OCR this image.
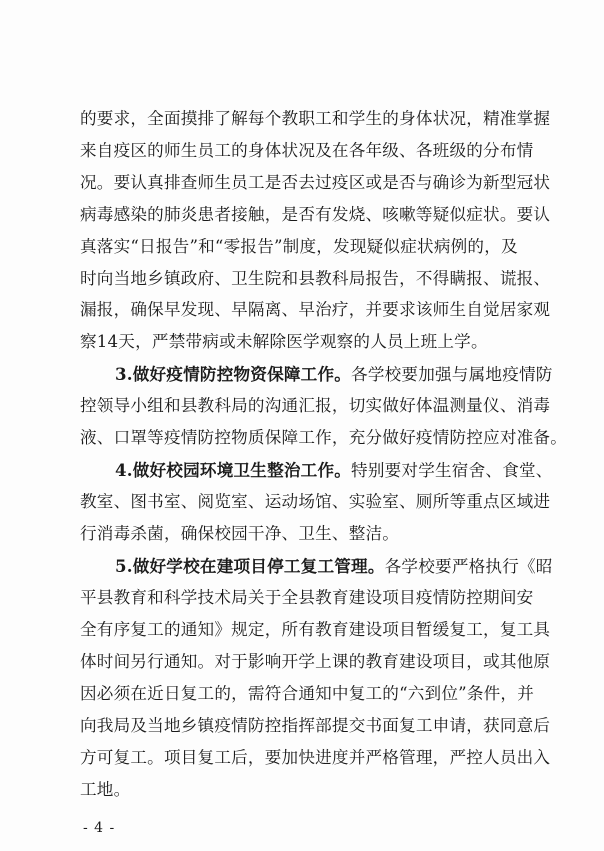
的要求，全面摸排了解每个教职工和学生的身体状况，精准掌握
来自疫区的师生员工的身体状况及在各年级、各班级的分布情
况。要认真排查师生员工是否去过疫区或是否与确诊为新型冠状
病毒感染的肺炎患者接触，是否有发烧、咳嗽等疑似症状。要认
真落实“日报告”和“零报告”制度，发现疑似症状病例的，及
时向当地乡镇政府、卫生院和县教科局报告，不得瞒报、谎报、
漏报，确保早发现、早隔离、早治疗，并要求该师生自觉居家观
察14天，严禁带病或未解除医学观察的人员上班上学。
3.做好疫情防控物资保障工作。各学校要加强与属地疫情防
控领导小组和县教科局的沟通汇报，切实做好体温测量仪、消毒
液、口罩等疫情防控物质保障工作，充分做好疫情防控应对准备。
4.做好校园环境卫生整治工作。特别要对学生宿舍、食堂、
教室、图书室、阅览室、运动场馆、实验室、厕所等重点区域进
行消毒杀菌，确保校园干净、卫生、整洁。
5.做好学校在建项目停工复工管理。各学校要严格执行《昭
平县教育和科学技术局关于全县教育建设项目疫情防控期间安
全有序复工的通知》规定，所有教育建设项目暂缓复工，复工具
体时间另行通知。对于影响开学上课的教育建设项目，或其他原
因必须在近日复工的，需符合通知中复工的“六到位”条件，并
向我局及当地乡镇疫情防控指挥部提交书面复工申请，获同意后
方可复工。项目复工后，要加快进度并严格管理，严控人员出入
工地。
- 4 -
